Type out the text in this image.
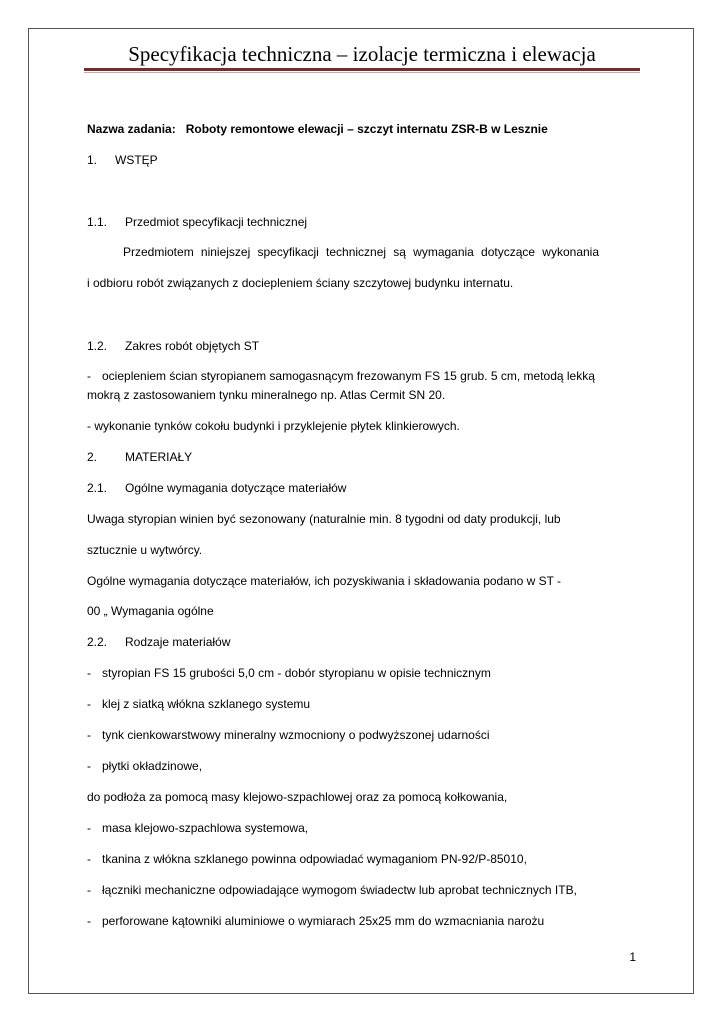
Specyfikacja techniczna – izolacje termiczna i elewacja
Nazwa zadania: Roboty remontowe elewacji – szczyt internatu ZSR-B w Lesznie
1. WSTĘP
1.1. Przedmiot specyfikacji technicznej
Przedmiotem niniejszej specyfikacji technicznej są wymagania dotyczące wykonania
i odbioru robót związanych z dociepleniem ściany szczytowej budynku internatu.
1.2. Zakres robót objętych ST
- ociepleniem ścian styropianem samogasnącym frezowanym FS 15 grub. 5 cm, metodą lekką
mokrą z zastosowaniem tynku mineralnego np. Atlas Cermit SN 20.
- wykonanie tynków cokołu budynki i przyklejenie płytek klinkierowych.
2. MATERIAŁY
2.1. Ogólne wymagania dotyczące materiałów
Uwaga styropian winien być sezonowany (naturalnie min. 8 tygodni od daty produkcji, lub
sztucznie u wytwórcy.
Ogólne wymagania dotyczące materiałów, ich pozyskiwania i składowania podano w ST -
00 „ Wymagania ogólne
2.2. Rodzaje materiałów
- styropian FS 15 grubości 5,0 cm - dobór styropianu w opisie technicznym
- klej z siatką włókna szklanego systemu
- tynk cienkowarstwowy mineralny wzmocniony o podwyższonej udarności
- płytki okładzinowe,
do podłoża za pomocą masy klejowo-szpachlowej oraz za pomocą kołkowania,
- masa klejowo-szpachlowa systemowa,
- tkanina z włókna szklanego powinna odpowiadać wymaganiom PN-92/P-85010,
- łączniki mechaniczne odpowiadające wymogom świadectw lub aprobat technicznych ITB,
- perforowane kątowniki aluminiowe o wymiarach 25x25 mm do wzmacniania narożu
1
